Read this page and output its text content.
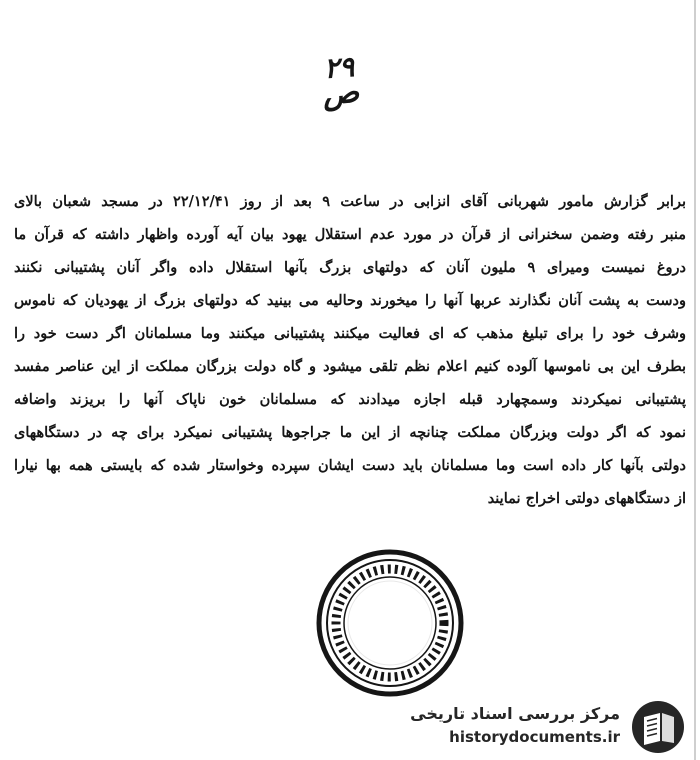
۲۹
ص
برابر گزارش مامور شهربانی آقای انزابی در ساعت ۹ بعد از روز ۲۲/۱۲/۴۱ در مسجد شعبان بالای
منبر رفته وضمن سخنرانی از قرآن در مورد عدم استقلال یهود بیان آیه آورده واظهار داشته که قرآن ما
دروغ نمیست ومیرای ۹ ملیون آنان که دولتهای بزرگ بآنها استقلال داده واگر آنان پشتیبانی نکنند
ودست به پشت آنان نگذارند عربها آنها را میخورند وحالیه می بینید که دولتهای بزرگ از یهودیان که ناموس
وشرف خود را برای تبلیغ مذهب که ای فعالیت میکنند پشتیبانی میکنند وما مسلمانان اگر دست خود را
بطرف این بی ناموسها آلوده کنیم اعلام نظم تلقی میشود و گاه دولت بزرگان مملکت از این عناصر مفسد
پشتیبانی نمیکردند وسمچهارد قبله اجازه میدادند که مسلمانان خون ناپاک آنها را بریزند واضافه
نمود که اگر دولت وبزرگان مملکت چنانچه از این ما جراجوها پشتیبانی نمیکرد برای چه در دستگاههای
دولتی بآنها کار داده است وما مسلمانان باید دست ایشان سپرده وخواستار شده که بایستی همه بها نیارا
از دستگاههای دولتی اخراج نمایند
مرکز بررسی اسناد تاریخی
historydocuments.ir
